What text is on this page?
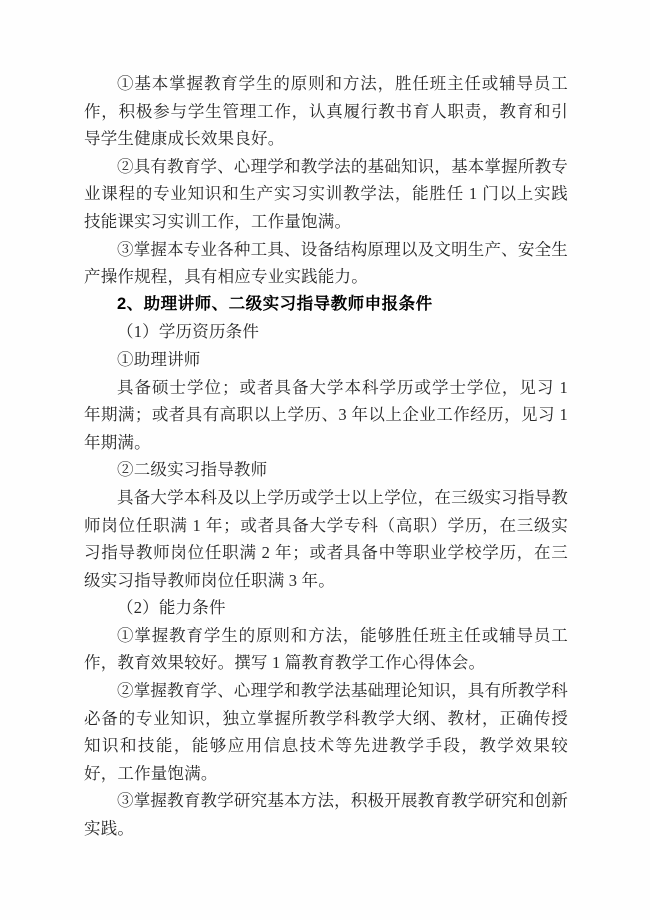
①基本掌握教育学生的原则和方法，胜任班主任或辅导员工作，积极参与学生管理工作，认真履行教书育人职责，教育和引导学生健康成长效果良好。

②具有教育学、心理学和教学法的基础知识，基本掌握所教专业课程的专业知识和生产实习实训教学法，能胜任 1 门以上实践技能课实习实训工作，工作量饱满。

③掌握本专业各种工具、设备结构原理以及文明生产、安全生产操作规程，具有相应专业实践能力。

2、助理讲师、二级实习指导教师申报条件

（1）学历资历条件

①助理讲师

具备硕士学位；或者具备大学本科学历或学士学位，见习 1 年期满；或者具有高职以上学历、3 年以上企业工作经历，见习 1 年期满。

②二级实习指导教师

具备大学本科及以上学历或学士以上学位，在三级实习指导教师岗位任职满 1 年；或者具备大学专科（高职）学历，在三级实习指导教师岗位任职满 2 年；或者具备中等职业学校学历，在三级实习指导教师岗位任职满 3 年。

（2）能力条件

①掌握教育学生的原则和方法，能够胜任班主任或辅导员工作，教育效果较好。撰写 1 篇教育教学工作心得体会。

②掌握教育学、心理学和教学法基础理论知识，具有所教学科必备的专业知识，独立掌握所教学科教学大纲、教材，正确传授知识和技能，能够应用信息技术等先进教学手段，教学效果较好，工作量饱满。

③掌握教育教学研究基本方法，积极开展教育教学研究和创新实践。
